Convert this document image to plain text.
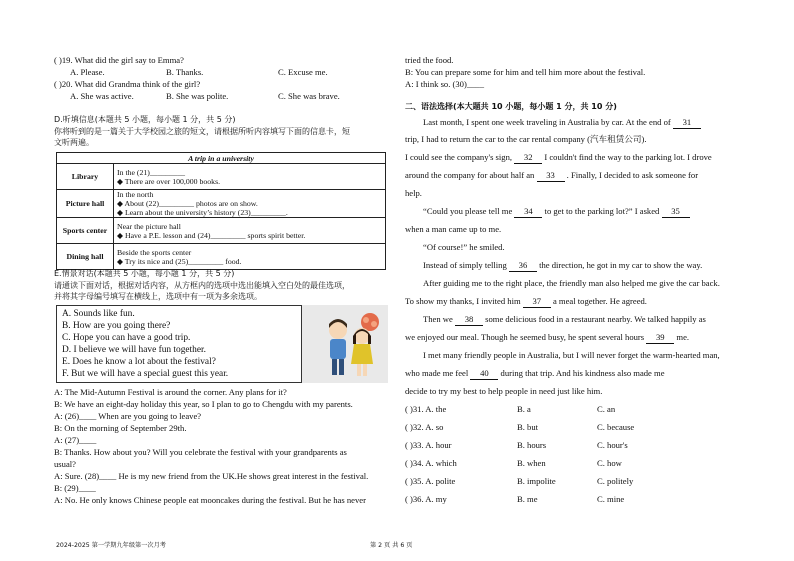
( )19. What did the girl say to Emma?
A. Please.	B. Thanks.	C. Excuse me.
( )20. What did Grandma think of the girl?
A. She was active.	B. She was polite.	C. She was brave.
D.听填信息(本题共 5 小题，每小题 1 分，共 5 分)
你将听到的是一篇关于大学校园之旅的短文，请根据所听内容填写下面的信息卡，短
文听两遍。
A trip in a university	
Library	In the (21)_________
◆ There are over 100,000 books.

Picture hall	In the north
◆ About (22)_________ photos are on show.
◆ Learn about the university’s history (23)_________.

Sports center	Near the picture hall
◆ Have a P.E. lesson and (24)_________ sports spirit better.

Dining hall	Beside the sports center
◆ Try its nice and (25)_________ food.
E.情景对话(本题共 5 小题，每小题 1 分，共 5 分)
请通读下面对话，根据对话内容，从方框内的选项中选出能填入空白处的最佳选项，
并将其字母编号填写在横线上，选项中有一项为多余选项。
A. Sounds like fun.
B. How are you going there?
C. Hope you can have a good trip.
D. I believe we will have fun together.
E. Does he know a lot about the festival?
F. But we will have a special guest this year.
A: The Mid-Autumn Festival is around the corner. Any plans for it?
B: We have an eight-day holiday this year, so I plan to go to Chengdu with my parents.
A: (26)____ When are you going to leave?
B: On the morning of September 29th.
A: (27)____
B: Thanks. How about you? Will you celebrate the festival with your grandparents as
usual?
A: Sure. (28)____ He is my new friend from the UK.He shows great interest in the festival.
B: (29)____
A: No. He only knows Chinese people eat mooncakes during the festival. But he has never
tried the food.
B: You can prepare some for him and tell him more about the festival.
A: I think so. (30)____
二、语法选择(本大题共 10 小题，每小题 1 分，共 10 分)
Last month, I spent one week traveling in Australia by car. At the end of 31
trip, I had to return the car to the car rental company (汽车租赁公司).
I could see the company's sign, 32 I couldn't find the way to the parking lot. I drove
around the company for about half an 33 . Finally, I decided to ask someone for
help.
“Could you please tell me 34 to get to the parking lot?” I asked 35
when a man came up to me.
“Of course!” he smiled.
Instead of simply telling 36 the direction, he got in my car to show the way.
After guiding me to the right place, the friendly man also helped me give the car back.
To show my thanks, I invited him 37 a meal together. He agreed.
Then we 38 some delicious food in a restaurant nearby. We talked happily as
we enjoyed our meal. Though he seemed busy, he spent several hours 39 me.
I met many friendly people in Australia, but I will never forget the warm-hearted man,
who made me feel 40 during that trip. And his kindness also made me
decide to try my best to help people in need just like him.
( )31. A. the	B. a	C. an
( )32. A. so	B. but	C. because
( )33. A. hour	B. hours	C. hour's
( )34. A. which	B. when	C. how
( )35. A. polite	B. impolite	C. politely
( )36. A. my	B. me	C. mine
2024-2025 第一学期九年级第一次月考	第 2 页 共 6 页
